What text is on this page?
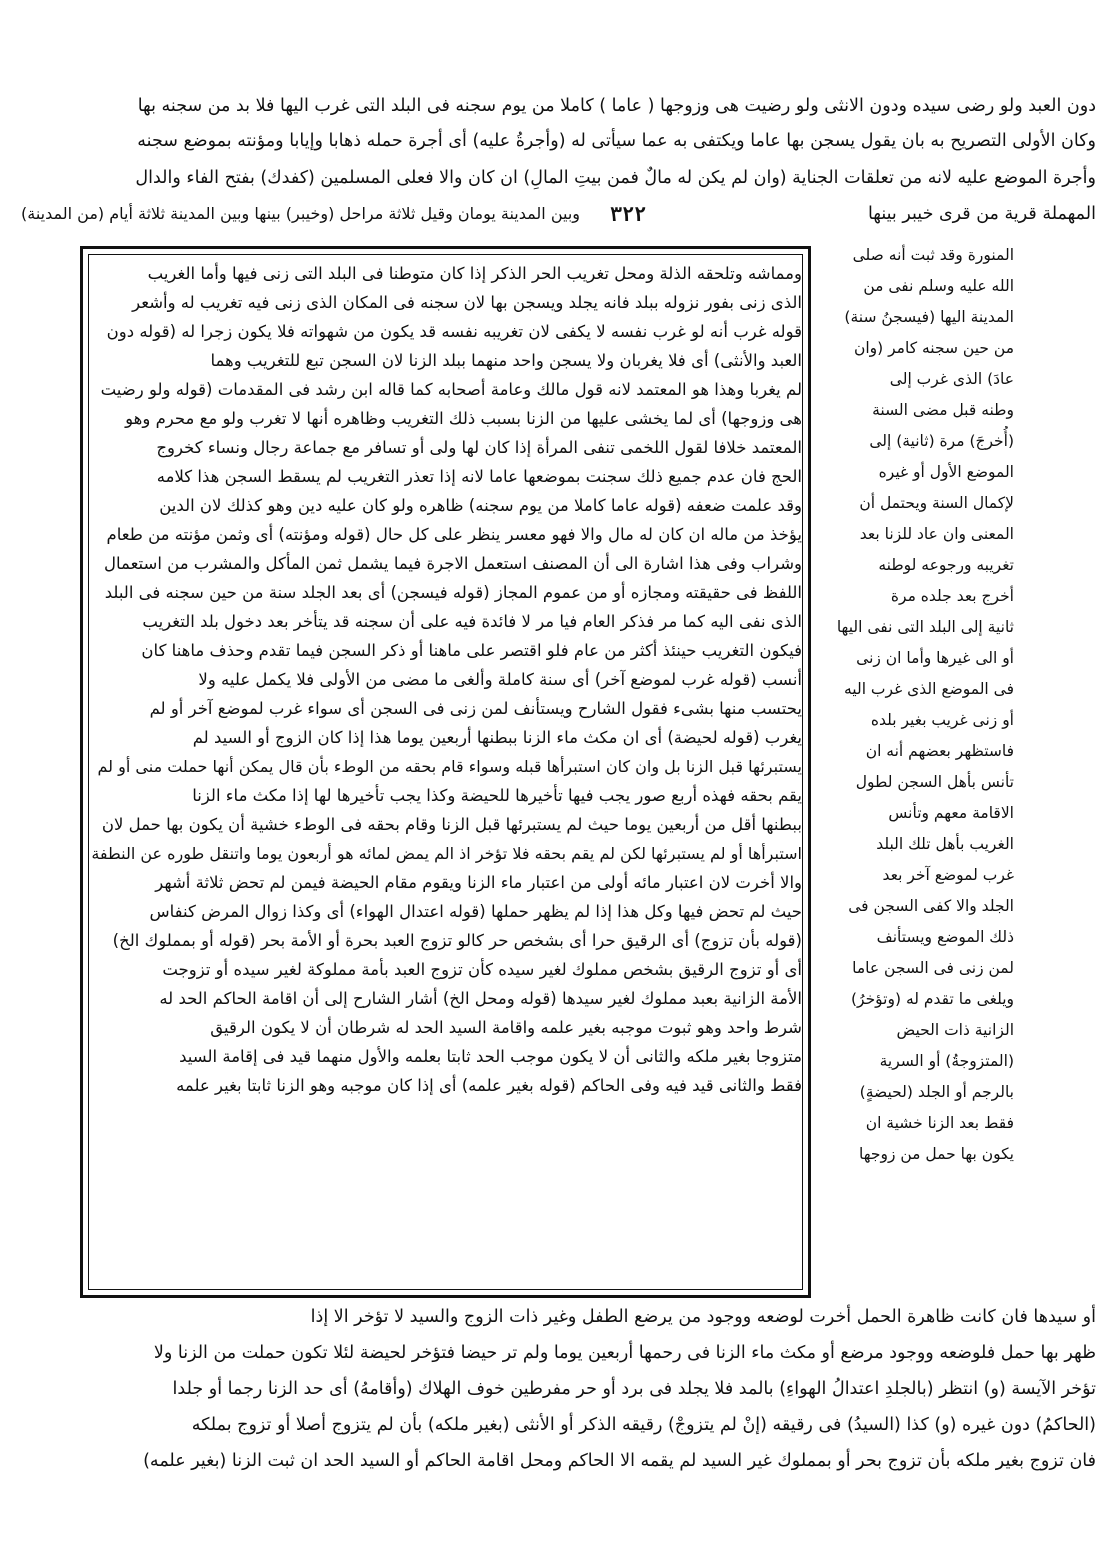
دون العبد ولو رضى سيده ودون الانثى ولو رضيت هى وزوجها ( عاما ) كاملا من يوم سجنه فى البلد التى غرب اليها فلا بد من سجنه بها
وكان الأولى التصريح به بان يقول يسجن بها عاما ويكتفى به عما سيأتى له (وأجرةُ عليه) أى أجرة حمله ذهابا وإيابا ومؤنته بموضع سجنه
وأجرة الموضع عليه لانه من تعلقات الجناية (وان لم يكن له مالٌ فمن بيتِ المالِ) ان كان والا فعلى المسلمين (كفدك) بفتح الفاء والدال
المهملة قرية من قرى خيبر بينها
٣٢٢
وبين المدينة يومان وقيل ثلاثة مراحل (وخيبر) بينها وبين المدينة ثلاثة أيام (من المدينة)
المنورة وقد ثبت أنه صلى
الله عليه وسلم نفى من
المدينة اليها (فيسجنُ سنة)
من حين سجنه كامر (وان
عادَ) الذى غرب إلى
وطنه قبل مضى السنة
(أُخرجَ) مرة (ثانية) إلى
الموضع الأول أو غيره
لإكمال السنة ويحتمل أن
المعنى وان عاد للزنا بعد
تغريبه ورجوعه لوطنه
أخرج بعد جلده مرة
ثانية إلى البلد التى نفى اليها
أو الى غيرها وأما ان زنى
فى الموضع الذى غرب اليه
أو زنى غريب بغير بلده
فاستظهر بعضهم أنه ان
تأنس بأهل السجن لطول
الاقامة معهم وتأنس
الغريب بأهل تلك البلد
غرب لموضع آخر بعد
الجلد والا كفى السجن فى
ذلك الموضع ويستأنف
لمن زنى فى السجن عاما
ويلغى ما تقدم له (وتؤخرُ)
الزانية ذات الحيض
(المتزوجةُ) أو السرية
بالرجم أو الجلد (لحيضةٍ)
فقط بعد الزنا خشية ان
يكون بها حمل من زوجها
ومماشه وتلحقه الذلة ومحل تغريب الحر الذكر إذا كان متوطنا فى البلد التى زنى فيها وأما الغريب
الذى زنى بفور نزوله ببلد فانه يجلد ويسجن بها لان سجنه فى المكان الذى زنى فيه تغريب له وأشعر
قوله غرب أنه لو غرب نفسه لا يكفى لان تغريبه نفسه قد يكون من شهواته فلا يكون زجرا له (قوله دون
العبد والأنثى) أى فلا يغربان ولا يسجن واحد منهما ببلد الزنا لان السجن تبع للتغريب وهما
لم يغربا وهذا هو المعتمد لانه قول مالك وعامة أصحابه كما قاله ابن رشد فى المقدمات (قوله ولو رضيت
هى وزوجها) أى لما يخشى عليها من الزنا بسبب ذلك التغريب وظاهره أنها لا تغرب ولو مع محرم وهو
المعتمد خلافا لقول اللخمى تنفى المرأة إذا كان لها ولى أو تسافر مع جماعة رجال ونساء كخروج
الحج فان عدم جميع ذلك سجنت بموضعها عاما لانه إذا تعذر التغريب لم يسقط السجن هذا كلامه
وقد علمت ضعفه (قوله عاما كاملا من يوم سجنه) ظاهره ولو كان عليه دين وهو كذلك لان الدين
يؤخذ من ماله ان كان له مال والا فهو معسر ينظر على كل حال (قوله ومؤنته) أى وثمن مؤنته من طعام
وشراب وفى هذا اشارة الى أن المصنف استعمل الاجرة فيما يشمل ثمن المأكل والمشرب من استعمال
اللفظ فى حقيقته ومجازه أو من عموم المجاز (قوله فيسجن) أى بعد الجلد سنة من حين سجنه فى البلد
الذى نفى اليه كما مر فذكر العام فيا مر لا فائدة فيه على أن سجنه قد يتأخر بعد دخول بلد التغريب
فيكون التغريب حينئذ أكثر من عام فلو اقتصر على ماهنا أو ذكر السجن فيما تقدم وحذف ماهنا كان
أنسب (قوله غرب لموضع آخر) أى سنة كاملة وألغى ما مضى من الأولى فلا يكمل عليه ولا
يحتسب منها بشىء فقول الشارح ويستأنف لمن زنى فى السجن أى سواء غرب لموضع آخر أو لم
يغرب (قوله لحيضة) أى ان مكث ماء الزنا ببطنها أربعين يوما هذا إذا كان الزوج أو السيد لم
يستبرئها قبل الزنا بل وان كان استبرأها قبله وسواء قام بحقه من الوطء بأن قال يمكن أنها حملت منى أو لم
يقم بحقه فهذه أربع صور يجب فيها تأخيرها للحيضة وكذا يجب تأخيرها لها إذا مكث ماء الزنا
ببطنها أقل من أربعين يوما حيث لم يستبرئها قبل الزنا وقام بحقه فى الوطء خشية أن يكون بها حمل لان
استبرأها أو لم يستبرئها لكن لم يقم بحقه فلا تؤخر اذ الم يمض لمائه هو أربعون يوما واتنقل طوره عن النطفة
والا أخرت لان اعتبار مائه أولى من اعتبار ماء الزنا ويقوم مقام الحيضة فيمن لم تحض ثلاثة أشهر
حيث لم تحض فيها وكل هذا إذا لم يظهر حملها (قوله اعتدال الهواء) أى وكذا زوال المرض كنفاس
(قوله بأن تزوج) أى الرقيق حرا أى بشخص حر كالو تزوج العبد بحرة أو الأمة بحر (قوله أو بمملوك الخ)
أى أو تزوج الرقيق بشخص مملوك لغير سيده كأن تزوج العبد بأمة مملوكة لغير سيده أو تزوجت
الأمة الزانية بعبد مملوك لغير سيدها (قوله ومحل الخ) أشار الشارح إلى أن اقامة الحاكم الحد له
شرط واحد وهو ثبوت موجبه بغير علمه واقامة السيد الحد له شرطان أن لا يكون الرقيق
متزوجا بغير ملكه والثانى أن لا يكون موجب الحد ثابتا بعلمه والأول منهما قيد فى إقامة السيد
فقط والثانى قيد فيه وفى الحاكم (قوله بغير علمه) أى إذا كان موجبه وهو الزنا ثابتا بغير علمه
أو سيدها فان كانت ظاهرة الحمل أخرت لوضعه ووجود من يرضع الطفل وغير ذات الزوج والسيد لا تؤخر الا إذا
ظهر بها حمل فلوضعه ووجود مرضع أو مكث ماء الزنا فى رحمها أربعين يوما ولم تر حيضا فتؤخر لحيضة لئلا تكون حملت من الزنا ولا
تؤخر الآيسة (و) انتظر (بالجلدِ اعتدالُ الهواءِ) بالمد فلا يجلد فى برد أو حر مفرطين خوف الهلاك (وأقامهُ) أى حد الزنا رجما أو جلدا
(الحاكمُ) دون غيره (و) كذا (السيدُ) فى رقيقه (إنْ لم يتزوجْ) رقيقه الذكر أو الأنثى (بغير ملكه) بأن لم يتزوج أصلا أو تزوج بملكه
فان تزوج بغير ملكه بأن تزوج بحر أو بمملوك غير السيد لم يقمه الا الحاكم ومحل اقامة الحاكم أو السيد الحد ان ثبت الزنا (بغير علمه)
